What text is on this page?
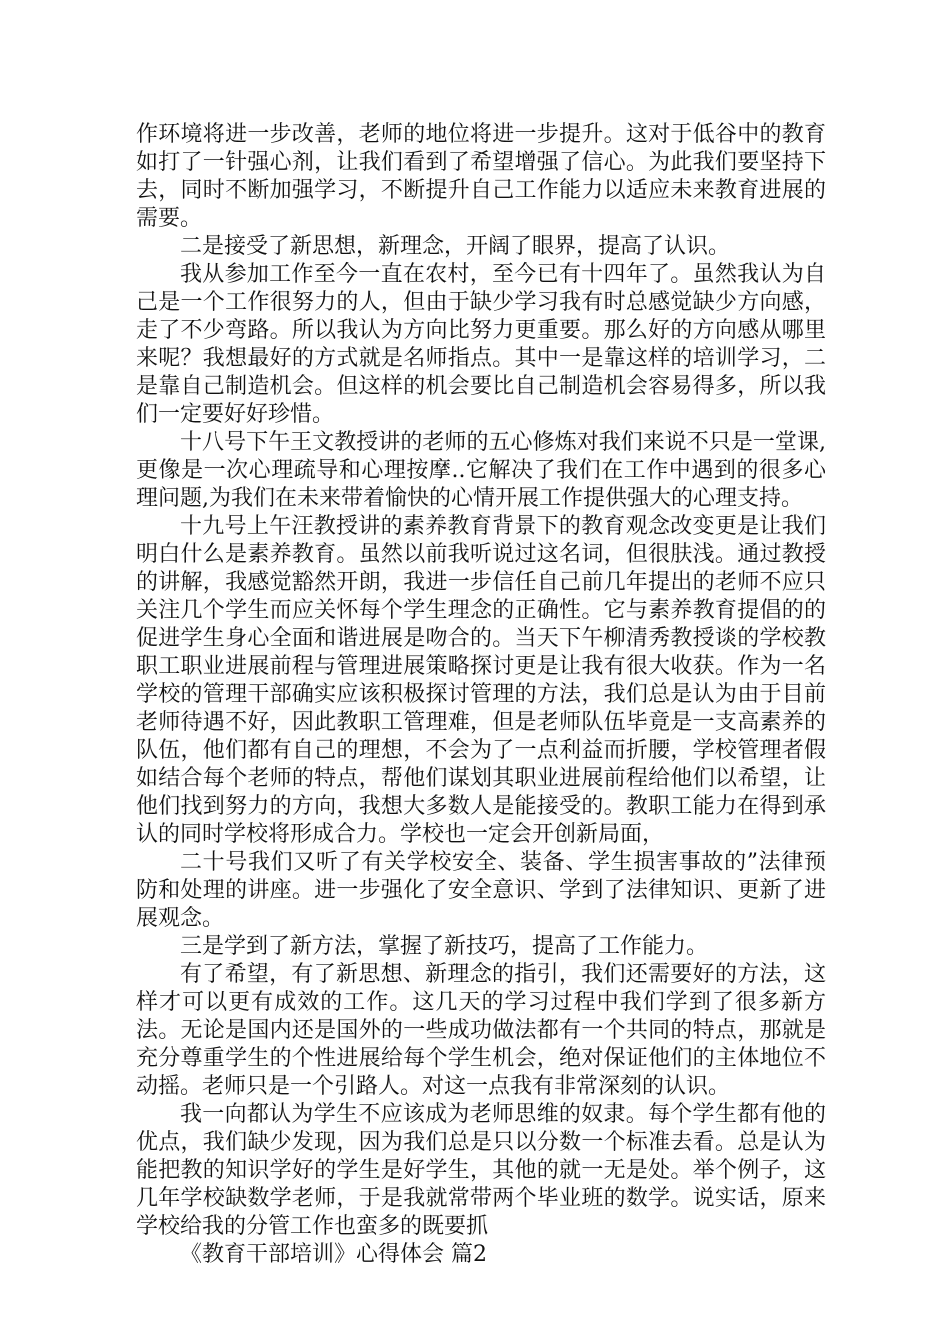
作环境将进一步改善，老师的地位将进一步提升。这对于低谷中的教育如打了一针强心剂，让我们看到了希望增强了信心。为此我们要坚持下去，同时不断加强学习，不断提升自己工作能力以适应未来教育进展的需要。

二是接受了新思想，新理念，开阔了眼界，提高了认识。

我从参加工作至今一直在农村，至今已有十四年了。虽然我认为自己是一个工作很努力的人，但由于缺少学习我有时总感觉缺少方向感，走了不少弯路。所以我认为方向比努力更重要。那么好的方向感从哪里来呢？我想最好的方式就是名师指点。其中一是靠这样的培训学习，二是靠自己制造机会。但这样的机会要比自己制造机会容易得多，所以我们一定要好好珍惜。

十八号下午王文教授讲的老师的五心修炼对我们来说不只是一堂课,更像是一次心理疏导和心理按摩..它解决了我们在工作中遇到的很多心理问题,为我们在未来带着愉快的心情开展工作提供强大的心理支持。

十九号上午汪教授讲的素养教育背景下的教育观念改变更是让我们明白什么是素养教育。虽然以前我听说过这名词，但很肤浅。通过教授的讲解，我感觉豁然开朗，我进一步信任自己前几年提出的老师不应只关注几个学生而应关怀每个学生理念的正确性。它与素养教育提倡的的促进学生身心全面和谐进展是吻合的。当天下午柳清秀教授谈的学校教职工职业进展前程与管理进展策略探讨更是让我有很大收获。作为一名学校的管理干部确实应该积极探讨管理的方法，我们总是认为由于目前老师待遇不好，因此教职工管理难，但是老师队伍毕竟是一支高素养的队伍，他们都有自己的理想，不会为了一点利益而折腰，学校管理者假如结合每个老师的特点，帮他们谋划其职业进展前程给他们以希望，让他们找到努力的方向，我想大多数人是能接受的。教职工能力在得到承认的同时学校将形成合力。学校也一定会开创新局面，

二十号我们又听了有关学校安全、装备、学生损害事故的”法律预防和处理的讲座。进一步强化了安全意识、学到了法律知识、更新了进展观念。

三是学到了新方法，掌握了新技巧，提高了工作能力。

有了希望，有了新思想、新理念的指引，我们还需要好的方法，这样才可以更有成效的工作。这几天的学习过程中我们学到了很多新方法。无论是国内还是国外的一些成功做法都有一个共同的特点，那就是充分尊重学生的个性进展给每个学生机会，绝对保证他们的主体地位不动摇。老师只是一个引路人。对这一点我有非常深刻的认识。

我一向都认为学生不应该成为老师思维的奴隶。每个学生都有他的优点，我们缺少发现，因为我们总是只以分数一个标准去看。总是认为能把教的知识学好的学生是好学生，其他的就一无是处。举个例子，这几年学校缺数学老师，于是我就常带两个毕业班的数学。说实话，原来学校给我的分管工作也蛮多的既要抓

《教育干部培训》心得体会 篇2
